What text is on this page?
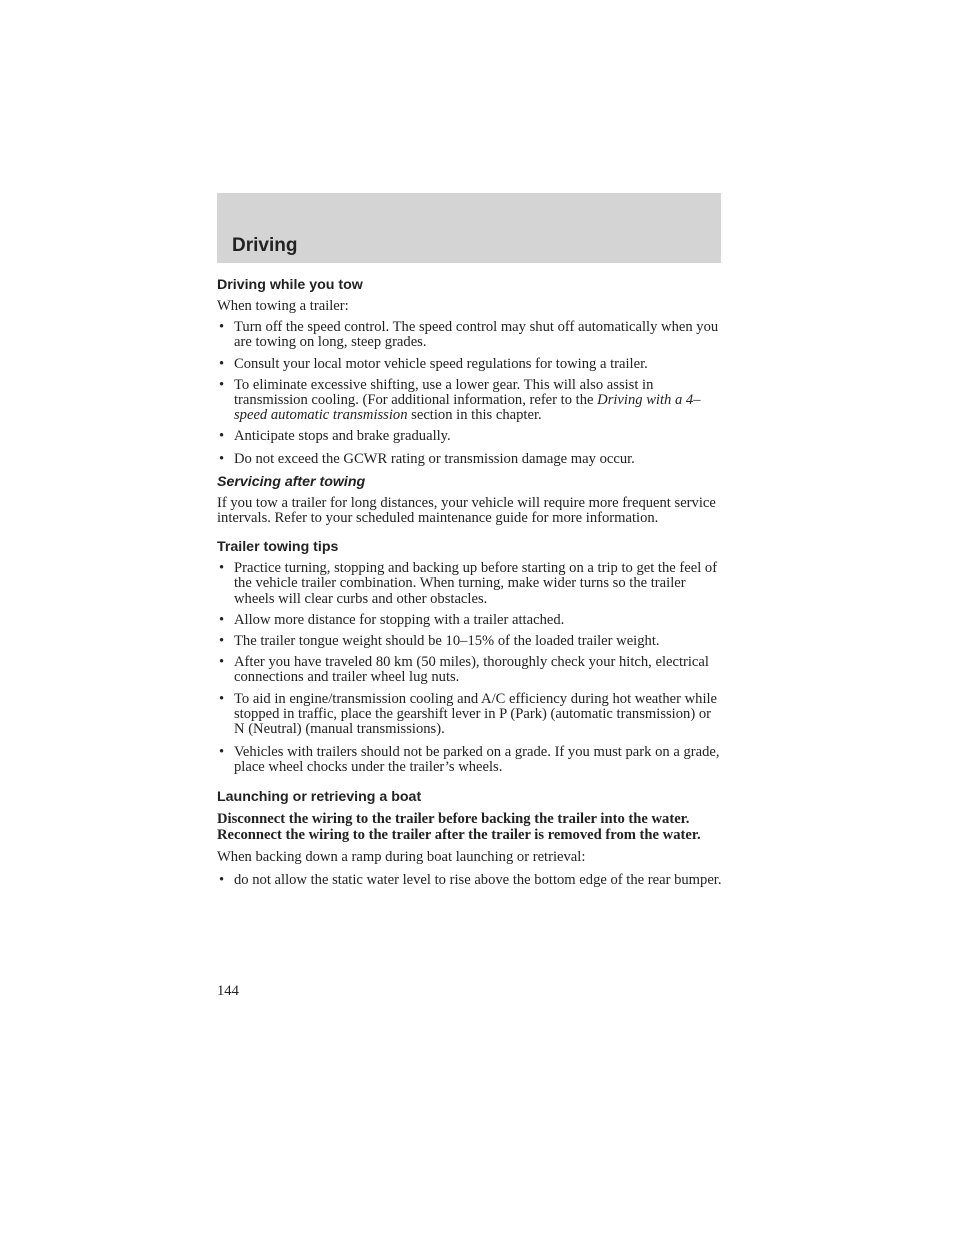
Driving
Driving while you tow

When towing a trailer:

• Turn off the speed control. The speed control may shut off automatically when you are towing on long, steep grades.
• Consult your local motor vehicle speed regulations for towing a trailer.
• To eliminate excessive shifting, use a lower gear. This will also assist in transmission cooling. (For additional information, refer to the Driving with a 4–speed automatic transmission section in this chapter.
• Anticipate stops and brake gradually.
• Do not exceed the GCWR rating or transmission damage may occur.
Servicing after towing

If you tow a trailer for long distances, your vehicle will require more frequent service intervals. Refer to your scheduled maintenance guide for more information.

Trailer towing tips
• Practice turning, stopping and backing up before starting on a trip to get the feel of the vehicle trailer combination. When turning, make wider turns so the trailer wheels will clear curbs and other obstacles.
• Allow more distance for stopping with a trailer attached.
• The trailer tongue weight should be 10–15% of the loaded trailer weight.
• After you have traveled 80 km (50 miles), thoroughly check your hitch, electrical connections and trailer wheel lug nuts.
• To aid in engine/transmission cooling and A/C efficiency during hot weather while stopped in traffic, place the gearshift lever in P (Park) (automatic transmission) or N (Neutral) (manual transmissions).
• Vehicles with trailers should not be parked on a grade. If you must park on a grade, place wheel chocks under the trailer’s wheels.
Launching or retrieving a boat

Disconnect the wiring to the trailer before backing the trailer into the water. Reconnect the wiring to the trailer after the trailer is removed from the water.

When backing down a ramp during boat launching or retrieval:

• do not allow the static water level to rise above the bottom edge of the rear bumper.
144
